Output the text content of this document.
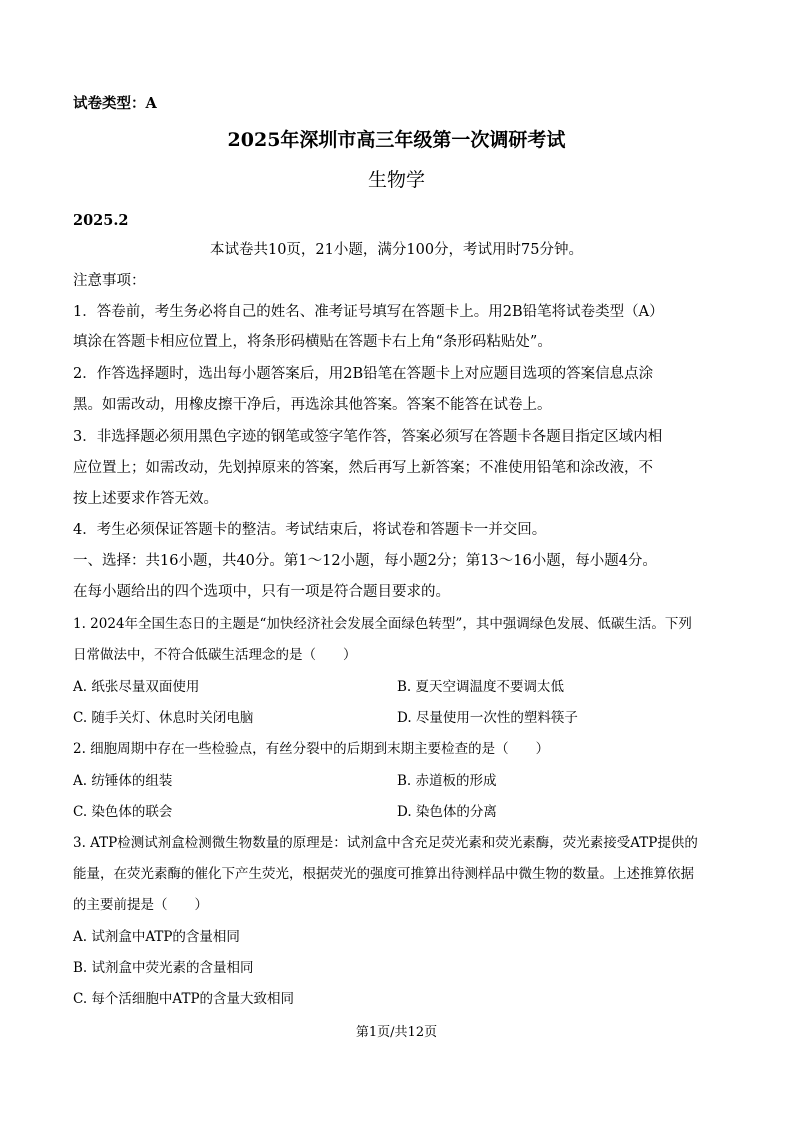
试卷类型：A
2025年深圳市高三年级第一次调研考试
生物学
2025.2
本试卷共10页，21小题，满分100分，考试用时75分钟。
注意事项：
1．答卷前，考生务必将自己的姓名、准考证号填写在答题卡上。用2B铅笔将试卷类型（A）
填涂在答题卡相应位置上，将条形码横贴在答题卡右上角“条形码粘贴处”。
2．作答选择题时，选出每小题答案后，用2B铅笔在答题卡上对应题目选项的答案信息点涂
黑。如需改动，用橡皮擦干净后，再选涂其他答案。答案不能答在试卷上。
3．非选择题必须用黑色字迹的钢笔或签字笔作答，答案必须写在答题卡各题目指定区域内相
应位置上；如需改动，先划掉原来的答案，然后再写上新答案；不准使用铅笔和涂改液，不
按上述要求作答无效。
4．考生必须保证答题卡的整洁。考试结束后，将试卷和答题卡一并交回。
一、选择：共16小题，共40分。第1～12小题，每小题2分；第13～16小题，每小题4分。
在每小题给出的四个选项中，只有一项是符合题目要求的。
1. 2024年全国生态日的主题是“加快经济社会发展全面绿色转型”，其中强调绿色发展、低碳生活。下列
日常做法中，不符合低碳生活理念的是（　　）
A. 纸张尽量双面使用	B. 夏天空调温度不要调太低
C. 随手关灯、休息时关闭电脑	D. 尽量使用一次性的塑料筷子
2. 细胞周期中存在一些检验点，有丝分裂中的后期到末期主要检查的是（　　）
A. 纺锤体的组装	B. 赤道板的形成
C. 染色体的联会	D. 染色体的分离
3. ATP检测试剂盒检测微生物数量的原理是：试剂盒中含充足荧光素和荧光素酶，荧光素接受ATP提供的
能量，在荧光素酶的催化下产生荧光，根据荧光的强度可推算出待测样品中微生物的数量。上述推算依据
的主要前提是（　　）
A. 试剂盒中ATP的含量相同
B. 试剂盒中荧光素的含量相同
C. 每个活细胞中ATP的含量大致相同
第1页/共12页
